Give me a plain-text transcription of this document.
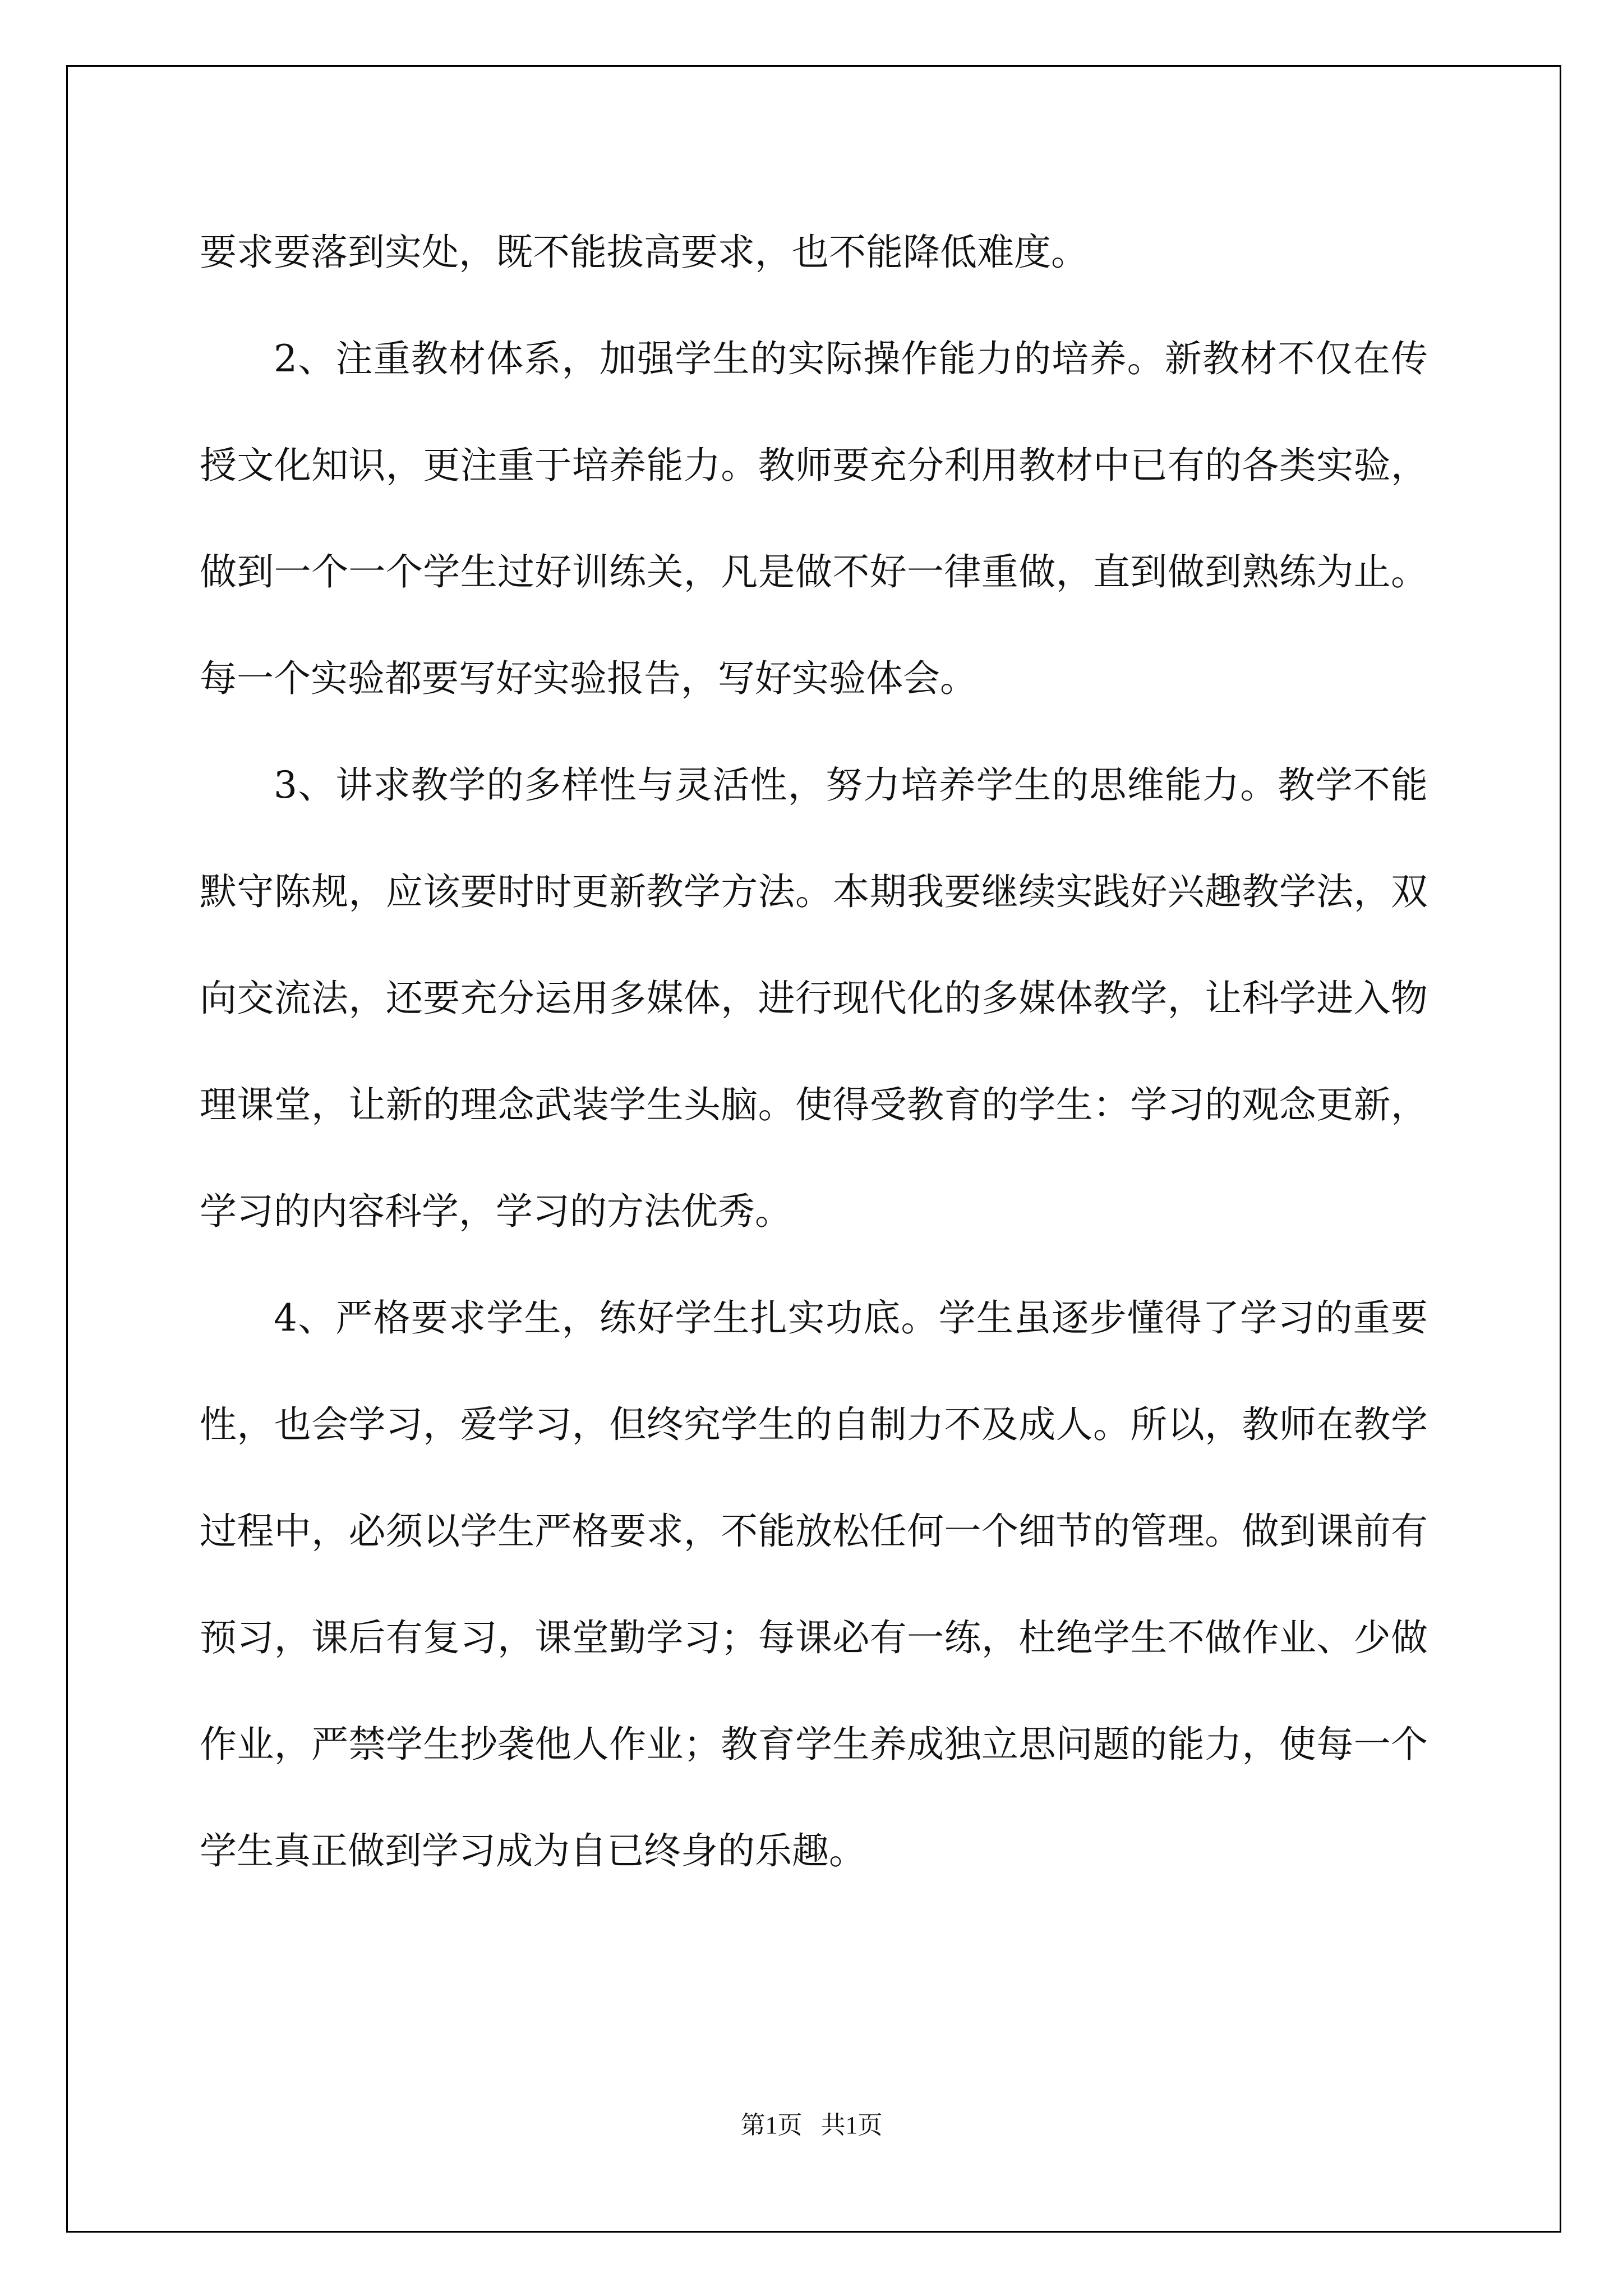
要求要落到实处，既不能拔高要求，也不能降低难度。

2、注重教材体系，加强学生的实际操作能力的培养。新教材不仅在传授文化知识，更注重于培养能力。教师要充分利用教材中已有的各类实验，做到一个一个学生过好训练关，凡是做不好一律重做，直到做到熟练为止。每一个实验都要写好实验报告，写好实验体会。

3、讲求教学的多样性与灵活性，努力培养学生的思维能力。教学不能默守陈规，应该要时时更新教学方法。本期我要继续实践好兴趣教学法，双向交流法，还要充分运用多媒体，进行现代化的多媒体教学，让科学进入物理课堂，让新的理念武装学生头脑。使得受教育的学生：学习的观念更新，学习的内容科学，学习的方法优秀。

4、严格要求学生，练好学生扎实功底。学生虽逐步懂得了学习的重要性，也会学习，爱学习，但终究学生的自制力不及成人。所以，教师在教学过程中，必须以学生严格要求，不能放松任何一个细节的管理。做到课前有预习，课后有复习，课堂勤学习；每课必有一练，杜绝学生不做作业、少做作业，严禁学生抄袭他人作业；教育学生养成独立思问题的能力，使每一个学生真正做到学习成为自已终身的乐趣。

第1页   共1页
